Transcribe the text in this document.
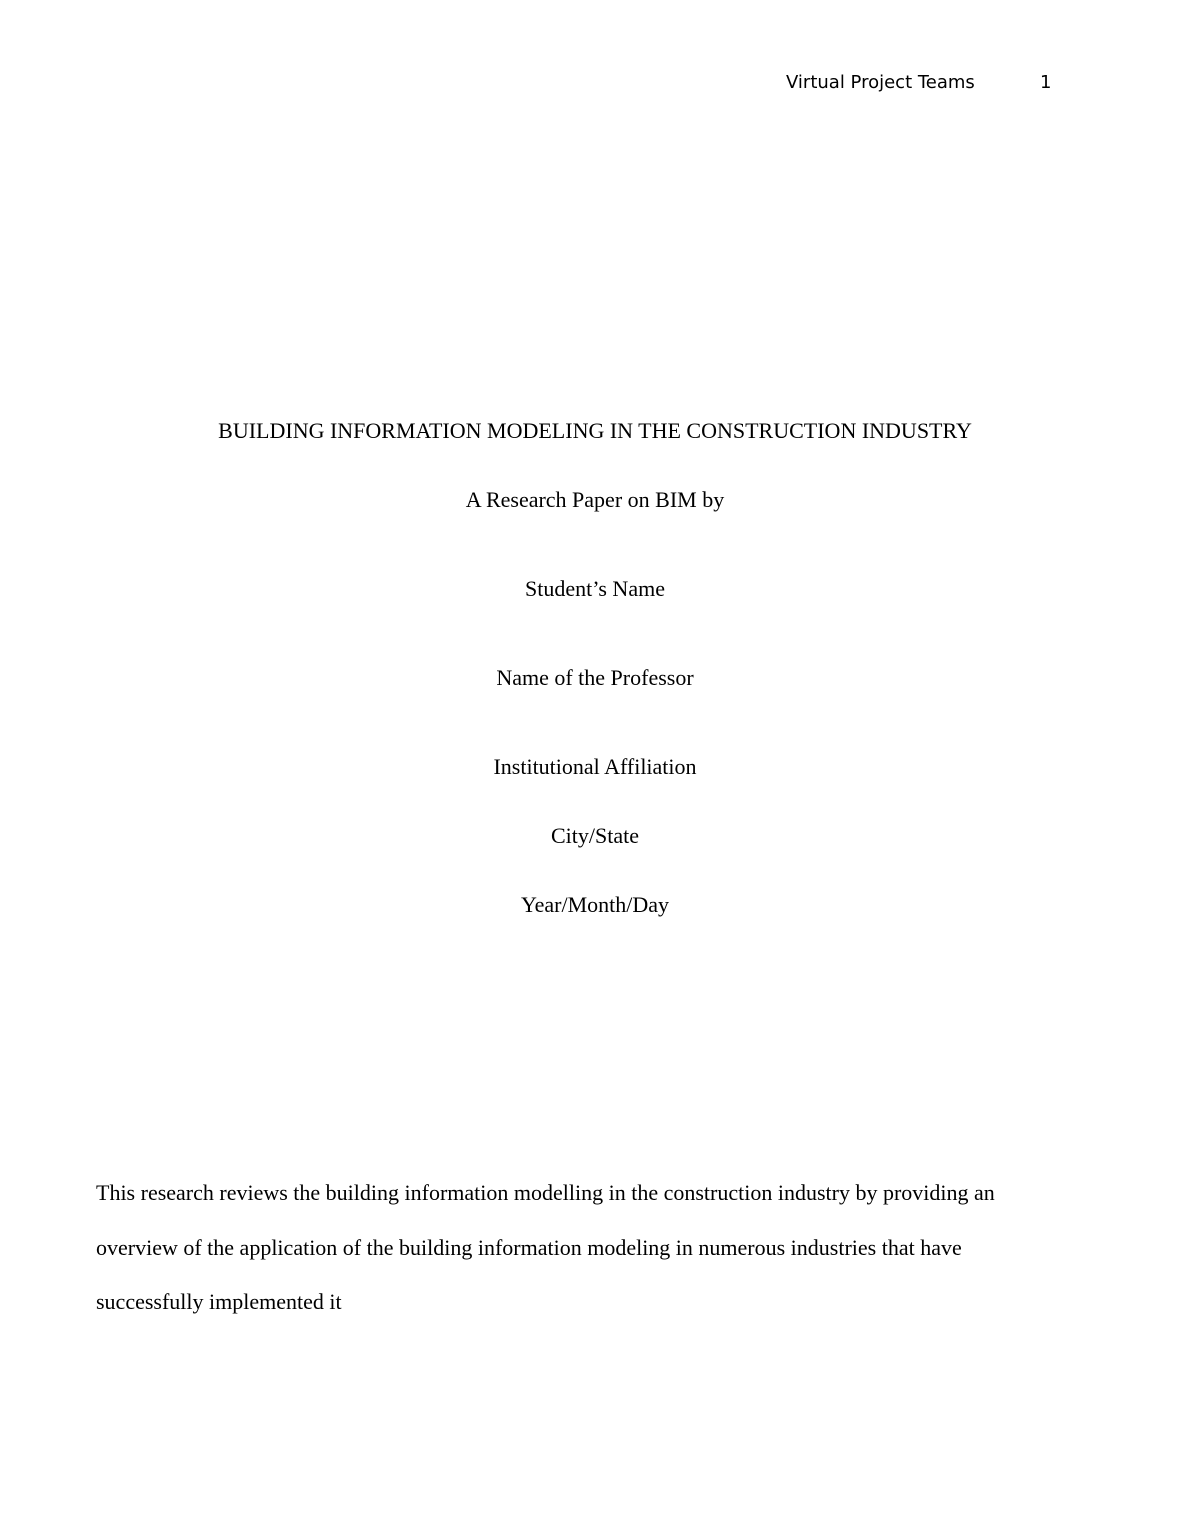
Virtual Project Teams	1
BUILDING INFORMATION MODELING IN THE CONSTRUCTION INDUSTRY
A Research Paper on BIM by
Student’s Name
Name of the Professor
Institutional Affiliation
City/State
Year/Month/Day
This research reviews the building information modelling in the construction industry by providing an
overview of the application of the building information modeling in numerous industries that have
successfully implemented it
